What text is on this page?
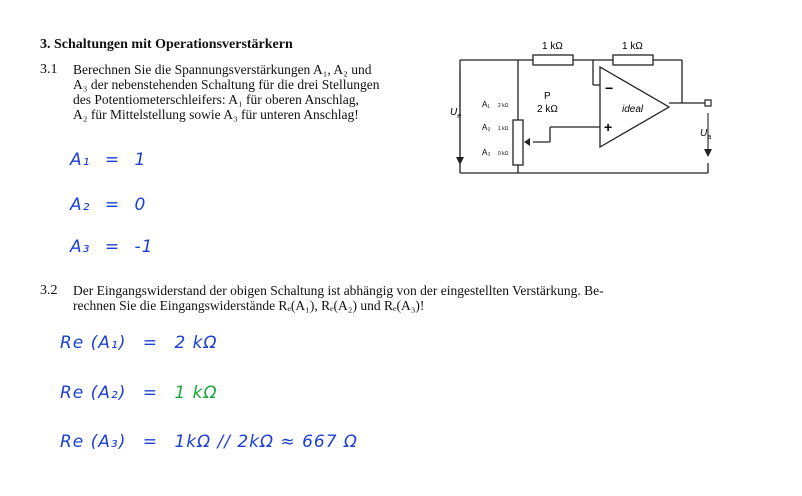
3. Schaltungen mit Operationsverstärkern
3.1 Berechnen Sie die Spannungsverstärkungen A₁, A₂ und
A₃ der nebenstehenden Schaltung für die drei Stellungen
des Potentiometerschleifers: A₁ für oberen Anschlag,
A₂ für Mittelstellung sowie A₃ für unteren Anschlag!
1 kΩ	1 kΩ
P
2 kΩ
−
+
ideal
$U_e$
$U_a$
A₁ 2 kΩ
A₂ 1 kΩ
A₃ 0 kΩ
A₁ = 1
A₂ = 0
A₃ = -1
3.2 Der Eingangswiderstand der obigen Schaltung ist abhängig von der eingestellten Verstärkung. Be-
rechnen Sie die Eingangswiderstände Rₑ(A₁), Rₑ(A₂) und Rₑ(A₃)!
Re (A₁) = 2 kΩ
Re (A₂) = 1 kΩ
Re (A₃) = 1kΩ // 2kΩ ≈ 667 Ω
